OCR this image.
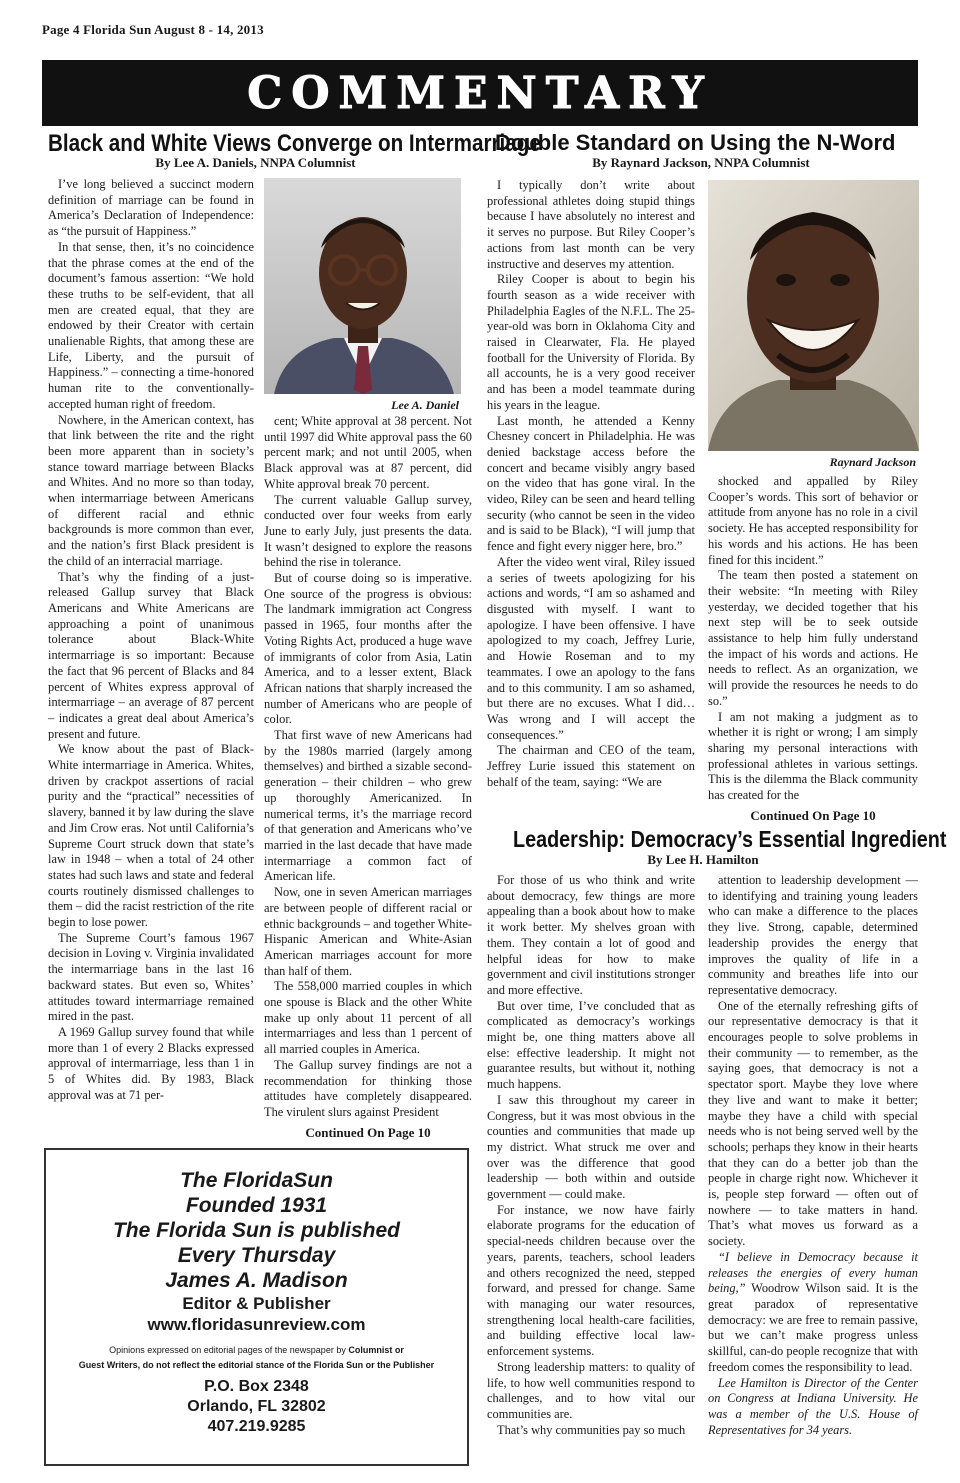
Page 4 Florida Sun August 8 - 14, 2013
COMMENTARY
Black and White Views Converge on Intermarriage
By Lee A. Daniels, NNPA Columnist

I’ve long believed a succinct modern definition of marriage can be found in America’s Declaration of Independence: as “the pursuit of Happiness.”

In that sense, then, it’s no coincidence that the phrase comes at the end of the document’s famous assertion: “We hold these truths to be self-evident, that all men are created equal, that they are endowed by their Creator with certain unalienable Rights, that among these are Life, Liberty, and the pursuit of Happiness.” – connecting a time-honored human rite to the conventionally-accepted human right of freedom.

Nowhere, in the American context, has that link between the rite and the right been more apparent than in society’s stance toward marriage between Blacks and Whites. And no more so than today, when intermarriage between Americans of different racial and ethnic backgrounds is more common than ever, and the nation’s first Black president is the child of an interracial marriage.

That’s why the finding of a just-released Gallup survey that Black Americans and White Americans are approaching a point of unanimous tolerance about Black-White intermarriage is so important: Because the fact that 96 percent of Blacks and 84 percent of Whites express approval of intermarriage – an average of 87 percent – indicates a great deal about America’s present and future.

We know about the past of Black-White intermarriage in America. Whites, driven by crackpot assertions of racial purity and the “practical” necessities of slavery, banned it by law during the slave and Jim Crow eras. Not until California’s Supreme Court struck down that state’s law in 1948 – when a total of 24 other states had such laws and state and federal courts routinely dismissed challenges to them – did the racist restriction of the rite begin to lose power.

The Supreme Court’s famous 1967 decision in Loving v. Virginia invalidated the intermarriage bans in the last 16 backward states. But even so, Whites’ attitudes toward intermarriage remained mired in the past.

A 1969 Gallup survey found that while more than 1 of every 2 Blacks expressed approval of intermarriage, less than 1 in 5 of Whites did. By 1983, Black approval was at 71 per-

Lee A. Daniel

cent; White approval at 38 percent. Not until 1997 did White approval pass the 60 percent mark; and not until 2005, when Black approval was at 87 percent, did White approval break 70 percent.

The current valuable Gallup survey, conducted over four weeks from early June to early July, just presents the data. It wasn’t designed to explore the reasons behind the rise in tolerance.

But of course doing so is imperative. One source of the progress is obvious: The landmark immigration act Congress passed in 1965, four months after the Voting Rights Act, produced a huge wave of immigrants of color from Asia, Latin America, and to a lesser extent, Black African nations that sharply increased the number of Americans who are people of color.

That first wave of new Americans had by the 1980s married (largely among themselves) and birthed a sizable second-generation – their children – who grew up thoroughly Americanized. In numerical terms, it’s the marriage record of that generation and Americans who’ve married in the last decade that have made intermarriage a common fact of American life.

Now, one in seven American marriages are between people of different racial or ethnic backgrounds – and together White-Hispanic American and White-Asian American marriages account for more than half of them.

The 558,000 married couples in which one spouse is Black and the other White make up only about 11 percent of all intermarriages and less than 1 percent of all married couples in America.

The Gallup survey findings are not a recommendation for thinking those attitudes have completely disappeared. The virulent slurs against President

Continued On Page 10
Double Standard on Using the N-Word
By Raynard Jackson, NNPA Columnist

I typically don’t write about professional athletes doing stupid things because I have absolutely no interest and it serves no purpose. But Riley Cooper’s actions from last month can be very instructive and deserves my attention.

Riley Cooper is about to begin his fourth season as a wide receiver with Philadelphia Eagles of the N.F.L. The 25-year-old was born in Oklahoma City and raised in Clearwater, Fla. He played football for the University of Florida. By all accounts, he is a very good receiver and has been a model teammate during his years in the league.

Last month, he attended a Kenny Chesney concert in Philadelphia. He was denied backstage access before the concert and became visibly angry based on the video that has gone viral. In the video, Riley can be seen and heard telling security (who cannot be seen in the video and is said to be Black), “I will jump that fence and fight every nigger here, bro.”

After the video went viral, Riley issued a series of tweets apologizing for his actions and words, “I am so ashamed and disgusted with myself. I want to apologize. I have been offensive. I have apologized to my coach, Jeffrey Lurie, and Howie Roseman and to my teammates. I owe an apology to the fans and to this community. I am so ashamed, but there are no excuses. What I did…Was wrong and I will accept the consequences.”

The chairman and CEO of the team, Jeffrey Lurie issued this statement on behalf of the team, saying: “We are

Raynard Jackson

shocked and appalled by Riley Cooper’s words. This sort of behavior or attitude from anyone has no role in a civil society. He has accepted responsibility for his words and his actions. He has been fined for this incident.”

The team then posted a statement on their website: “In meeting with Riley yesterday, we decided together that his next step will be to seek outside assistance to help him fully understand the impact of his words and actions. He needs to reflect. As an organization, we will provide the resources he needs to do so.”

I am not making a judgment as to whether it is right or wrong; I am simply sharing my personal interactions with professional athletes in various settings. This is the dilemma the Black community has created for the

Continued On Page 10
Leadership: Democracy’s Essential Ingredient
By Lee H. Hamilton

For those of us who think and write about democracy, few things are more appealing than a book about how to make it work better. My shelves groan with them. They contain a lot of good and helpful ideas for how to make government and civil institutions stronger and more effective.

But over time, I’ve concluded that as complicated as democracy’s workings might be, one thing matters above all else: effective leadership. It might not guarantee results, but without it, nothing much happens.

I saw this throughout my career in Congress, but it was most obvious in the counties and communities that made up my district. What struck me over and over was the difference that good leadership — both within and outside government — could make.

For instance, we now have fairly elaborate programs for the education of special-needs children because over the years, parents, teachers, school leaders and others recognized the need, stepped forward, and pressed for change. Same with managing our water resources, strengthening local health-care facilities, and building effective local law-enforcement systems.

Strong leadership matters: to quality of life, to how well communities respond to challenges, and to how vital our communities are.

That’s why communities pay so much

attention to leadership development — to identifying and training young leaders who can make a difference to the places they live. Strong, capable, determined leadership provides the energy that improves the quality of life in a community and breathes life into our representative democracy.

One of the eternally refreshing gifts of our representative democracy is that it encourages people to solve problems in their community — to remember, as the saying goes, that democracy is not a spectator sport. Maybe they love where they live and want to make it better; maybe they have a child with special needs who is not being served well by the schools; perhaps they know in their hearts that they can do a better job than the people in charge right now. Whichever it is, people step forward — often out of nowhere — to take matters in hand. That’s what moves us forward as a society.

“I believe in Democracy because it releases the energies of every human being,” Woodrow Wilson said. It is the great paradox of representative democracy: we are free to remain passive, but we can’t make progress unless skillful, can-do people recognize that with freedom comes the responsibility to lead.

Lee Hamilton is Director of the Center on Congress at Indiana University. He was a member of the U.S. House of Representatives for 34 years.

The FloridaSun
Founded 1931
The Florida Sun is published
Every Thursday
James A. Madison
Editor & Publisher
www.floridasunreview.com
Opinions expressed on editorial pages of the newspaper by Columnist or
Guest Writers, do not reflect the editorial stance of the Florida Sun or the Publisher
P.O. Box 2348
Orlando, FL 32802
407.219.9285
